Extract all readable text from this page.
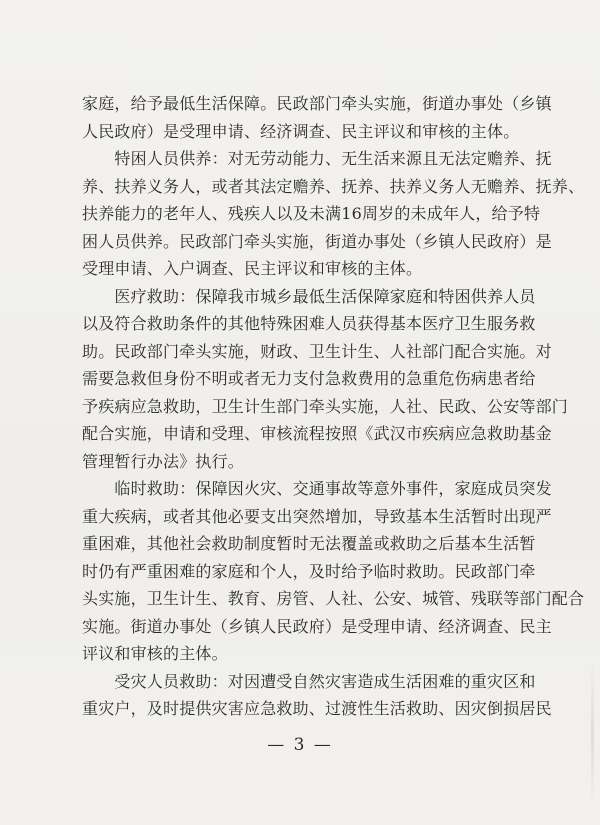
家庭，给予最低生活保障。民政部门牵头实施，街道办事处（乡镇

人民政府）是受理申请、经济调查、民主评议和审核的主体。

　　特困人员供养：对无劳动能力、无生活来源且无法定赡养、抚

养、扶养义务人，或者其法定赡养、抚养、扶养义务人无赡养、抚养、

扶养能力的老年人、残疾人以及未满16周岁的未成年人，给予特

困人员供养。民政部门牵头实施，街道办事处（乡镇人民政府）是

受理申请、入户调查、民主评议和审核的主体。

　　医疗救助：保障我市城乡最低生活保障家庭和特困供养人员

以及符合救助条件的其他特殊困难人员获得基本医疗卫生服务救

助。民政部门牵头实施，财政、卫生计生、人社部门配合实施。对

需要急救但身份不明或者无力支付急救费用的急重危伤病患者给

予疾病应急救助，卫生计生部门牵头实施，人社、民政、公安等部门

配合实施，申请和受理、审核流程按照《武汉市疾病应急救助基金

管理暂行办法》执行。

　　临时救助：保障因火灾、交通事故等意外事件，家庭成员突发

重大疾病，或者其他必要支出突然增加，导致基本生活暂时出现严

重困难，其他社会救助制度暂时无法覆盖或救助之后基本生活暂

时仍有严重困难的家庭和个人，及时给予临时救助。民政部门牵

头实施，卫生计生、教育、房管、人社、公安、城管、残联等部门配合

实施。街道办事处（乡镇人民政府）是受理申请、经济调查、民主

评议和审核的主体。

　　受灾人员救助：对因遭受自然灾害造成生活困难的重灾区和

重灾户，及时提供灾害应急救助、过渡性生活救助、因灾倒损居民

— 3 —
